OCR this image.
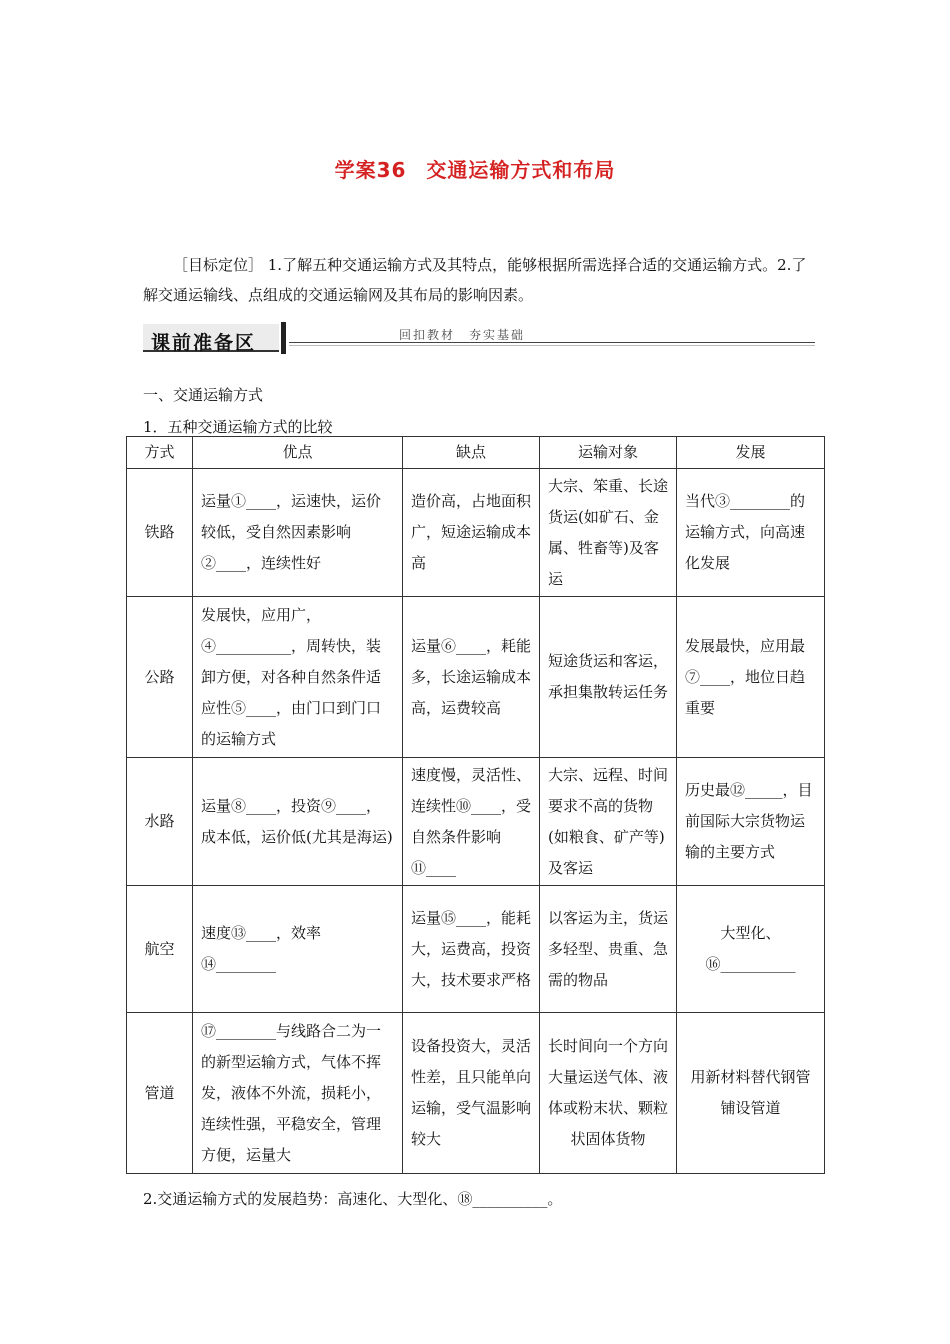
学案36 交通运输方式和布局
［目标定位］ 1.了解五种交通运输方式及其特点，能够根据所需选择合适的交通运输方式。2.了解交通运输线、点组成的交通运输网及其布局的影响因素。
课前准备区	回扣教材　夯实基础
一、交通运输方式
1．五种交通运输方式的比较
方式	优点	缺点	运输对象	发展
铁路	运量①____，运速快，运价较低，受自然因素影响②____，连续性好	造价高，占地面积广，短途运输成本高	大宗、笨重、长途货运(如矿石、金属、牲畜等)及客运	当代③________的运输方式，向高速化发展
公路	发展快，应用广，④__________，周转快，装卸方便，对各种自然条件适应性⑤____，由门口到门口的运输方式	运量⑥____，耗能多，长途运输成本高，运费较高	短途货运和客运，承担集散转运任务	发展最快，应用最⑦____，地位日趋重要
水路	运量⑧____，投资⑨____，成本低，运价低(尤其是海运)	速度慢，灵活性、连续性⑩____，受自然条件影响⑪____	大宗、远程、时间要求不高的货物(如粮食、矿产等)及客运	历史最⑫_____，目前国际大宗货物运输的主要方式
航空	速度⑬____，效率⑭________	运量⑮____，能耗大，运费高，投资大，技术要求严格	以客运为主，货运多轻型、贵重、急需的物品	大型化、⑯__________
管道	⑰________与线路合二为一的新型运输方式，气体不挥发，液体不外流，损耗小，连续性强，平稳安全，管理方便，运量大	设备投资大，灵活性差，且只能单向运输，受气温影响较大	长时间向一个方向大量运送气体、液体或粉末状、颗粒状固体货物	用新材料替代钢管铺设管道
2.交通运输方式的发展趋势：高速化、大型化、⑱__________。
